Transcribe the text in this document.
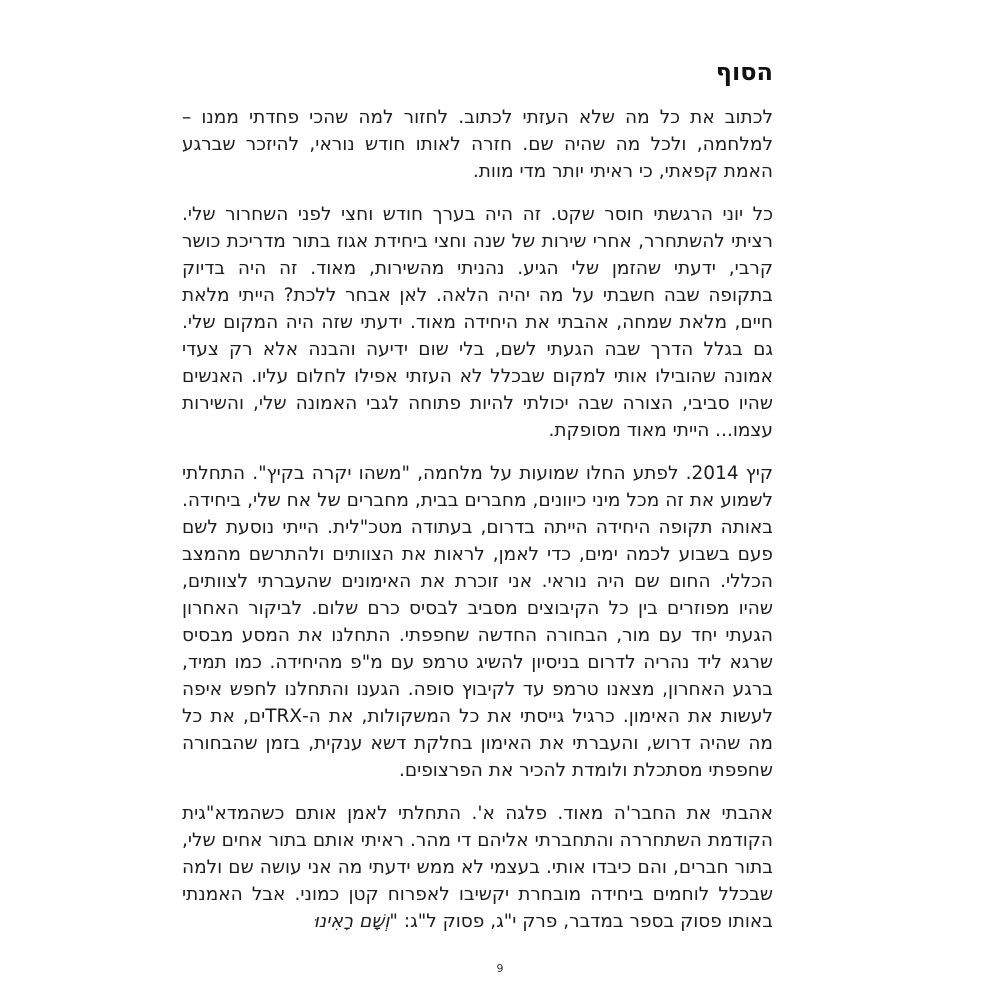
הסוף

לכתוב את כל מה שלא העזתי לכתוב. לחזור למה שהכי פחדתי ממנו – למלחמה, ולכל מה שהיה שם. חזרה לאותו חודש נוראי, להיזכר שברגע האמת קפאתי, כי ראיתי יותר מדי מוות.

כל יוני הרגשתי חוסר שקט. זה היה בערך חודש וחצי לפני השחרור שלי. רציתי להשתחרר, אחרי שירות של שנה וחצי ביחידת אגוז בתור מדריכת כושר קרבי, ידעתי שהזמן שלי הגיע. נהניתי מהשירות, מאוד. זה היה בדיוק בתקופה שבה חשבתי על מה יהיה הלאה. לאן אבחר ללכת? הייתי מלאת חיים, מלאת שמחה, אהבתי את היחידה מאוד. ידעתי שזה היה המקום שלי. גם בגלל הדרך שבה הגעתי לשם, בלי שום ידיעה והבנה אלא רק צעדי אמונה שהובילו אותי למקום שבכלל לא העזתי אפילו לחלום עליו. האנשים שהיו סביבי, הצורה שבה יכולתי להיות פתוחה לגבי האמונה שלי, והשירות עצמו... הייתי מאוד מסופקת.

קיץ 2014. לפתע החלו שמועות על מלחמה, "משהו יקרה בקיץ". התחלתי לשמוע את זה מכל מיני כיוונים, מחברים בבית, מחברים של אח שלי, ביחידה. באותה תקופה היחידה הייתה בדרום, בעתודה מטכ"לית. הייתי נוסעת לשם פעם בשבוע לכמה ימים, כדי לאמן, לראות את הצוותים ולהתרשם מהמצב הכללי. החום שם היה נוראי. אני זוכרת את האימונים שהעברתי לצוותים, שהיו מפוזרים בין כל הקיבוצים מסביב לבסיס כרם שלום. לביקור האחרון הגעתי יחד עם מור, הבחורה החדשה שחפפתי. התחלנו את המסע מבסיס שרגא ליד נהריה לדרום בניסיון להשיג טרמפ עם מ"פ מהיחידה. כמו תמיד, ברגע האחרון, מצאנו טרמפ עד לקיבוץ סופה. הגענו והתחלנו לחפש איפה לעשות את האימון. כרגיל גייסתי את כל המשקולות, את ה-TRXים, את כל מה שהיה דרוש, והעברתי את האימון בחלקת דשא ענקית, בזמן שהבחורה שחפפתי מסתכלת ולומדת להכיר את הפרצופים.

אהבתי את החבר'ה מאוד. פלגה א'. התחלתי לאמן אותם כשהמדא"גית הקודמת השתחררה והתחברתי אליהם די מהר. ראיתי אותם בתור אחים שלי, בתור חברים, והם כיבדו אותי. בעצמי לא ממש ידעתי מה אני עושה שם ולמה שבכלל לוחמים ביחידה מובחרת יקשיבו לאפרוח קטן כמוני. אבל האמנתי באותו פסוק בספר במדבר, פרק י"ג, פסוק ל"ג: "וְשָׁם רָאִינוּ

9
